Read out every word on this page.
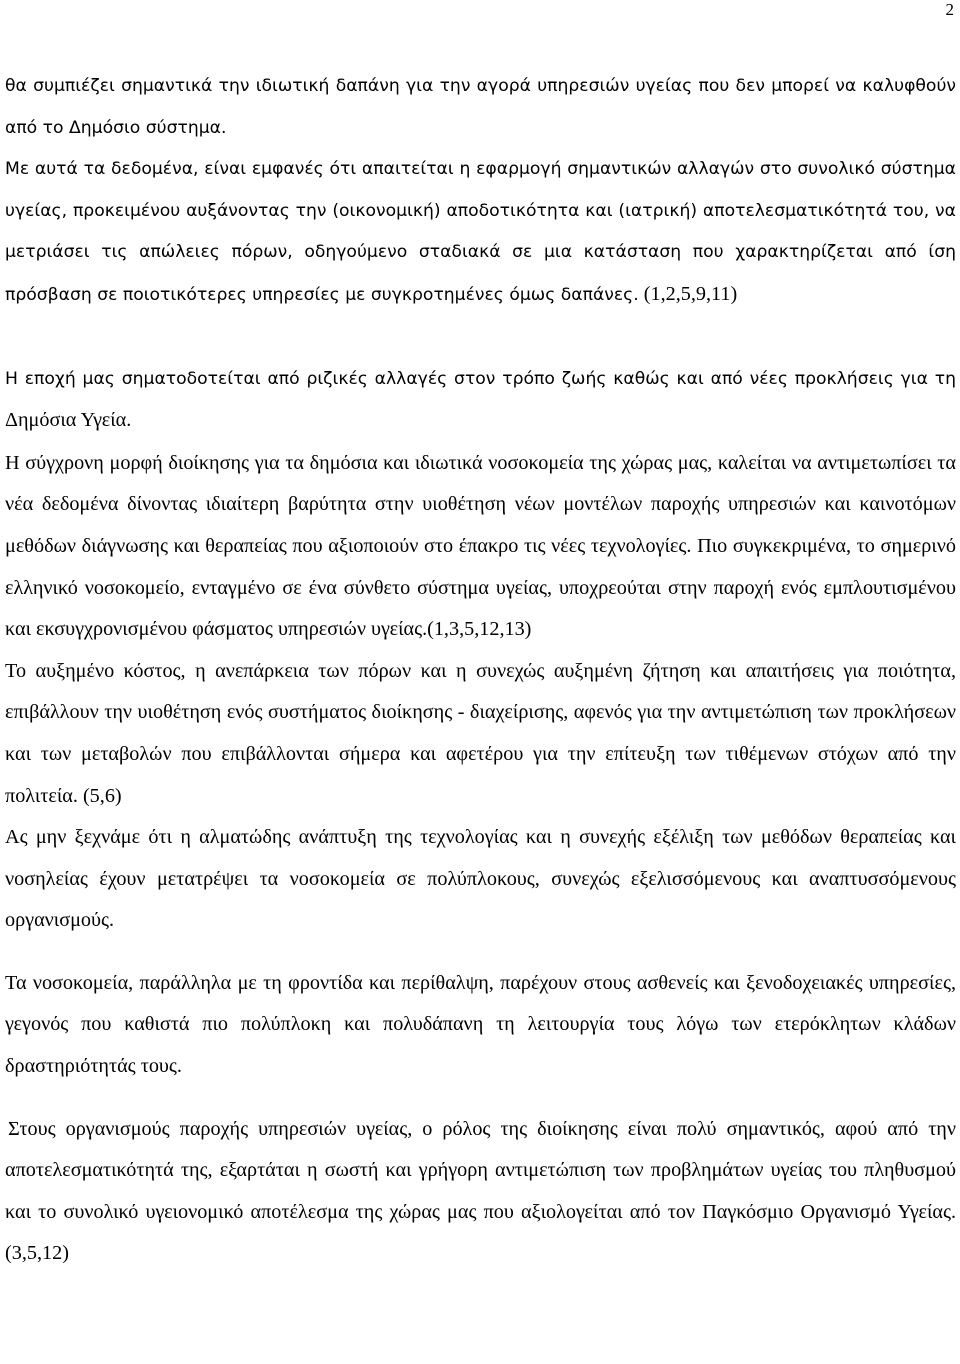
2

θα συμπιέζει σημαντικά την ιδιωτική δαπάνη για την αγορά υπηρεσιών υγείας που δεν μπορεί να καλυφθούν από το Δημόσιο σύστημα.

Με αυτά τα δεδομένα, είναι εμφανές ότι απαιτείται η εφαρμογή σημαντικών αλλαγών στο συνολικό σύστημα υγείας, προκειμένου αυξάνοντας την (οικονομική) αποδοτικότητα και (ιατρική) αποτελεσματικότητά του, να μετριάσει τις απώλειες πόρων, οδηγούμενο σταδιακά σε μια κατάσταση που χαρακτηρίζεται από ίση πρόσβαση σε ποιοτικότερες υπηρεσίες με συγκροτημένες όμως δαπάνες. (1,2,5,9,11)

Η εποχή μας σηματοδοτείται από ριζικές αλλαγές στον τρόπο ζωής καθώς και από νέες προκλήσεις για τη Δημόσια Υγεία.

Η σύγχρονη μορφή διοίκησης για τα δημόσια και ιδιωτικά νοσοκομεία της χώρας μας, καλείται να αντιμετωπίσει τα νέα δεδομένα δίνοντας ιδιαίτερη βαρύτητα στην υιοθέτηση νέων μοντέλων παροχής υπηρεσιών και καινοτόμων μεθόδων διάγνωσης και θεραπείας που αξιοποιούν στο έπακρο τις νέες τεχνολογίες. Πιο συγκεκριμένα, το σημερινό ελληνικό νοσοκομείο, ενταγμένο σε ένα σύνθετο σύστημα υγείας, υποχρεούται στην παροχή ενός εμπλουτισμένου και εκσυγχρονισμένου φάσματος υπηρεσιών υγείας.(1,3,5,12,13)

Το αυξημένο κόστος, η ανεπάρκεια των πόρων και η συνεχώς αυξημένη ζήτηση και απαιτήσεις για ποιότητα, επιβάλλουν την υιοθέτηση ενός συστήματος διοίκησης - διαχείρισης, αφενός για την αντιμετώπιση των προκλήσεων και των μεταβολών που επιβάλλονται σήμερα και αφετέρου για την επίτευξη των τιθέμενων στόχων από την πολιτεία. (5,6)

Ας μην ξεχνάμε ότι η αλματώδης ανάπτυξη της τεχνολογίας και η συνεχής εξέλιξη των μεθόδων θεραπείας και νοσηλείας έχουν μετατρέψει τα νοσοκομεία σε πολύπλοκους, συνεχώς εξελισσόμενους και αναπτυσσόμενους οργανισμούς.

Τα νοσοκομεία, παράλληλα με τη φροντίδα και περίθαλψη, παρέχουν στους ασθενείς και ξενοδοχειακές υπηρεσίες, γεγονός που καθιστά πιο πολύπλοκη και πολυδάπανη τη λειτουργία τους λόγω των ετερόκλητων κλάδων δραστηριότητάς τους.

Στους οργανισμούς παροχής υπηρεσιών υγείας, ο ρόλος της διοίκησης είναι πολύ σημαντικός, αφού από την αποτελεσματικότητά της, εξαρτάται η σωστή και γρήγορη αντιμετώπιση των προβλημάτων υγείας του πληθυσμού και το συνολικό υγειονομικό αποτέλεσμα της χώρας μας που αξιολογείται από τον Παγκόσμιο Οργανισμό Υγείας. (3,5,12)
